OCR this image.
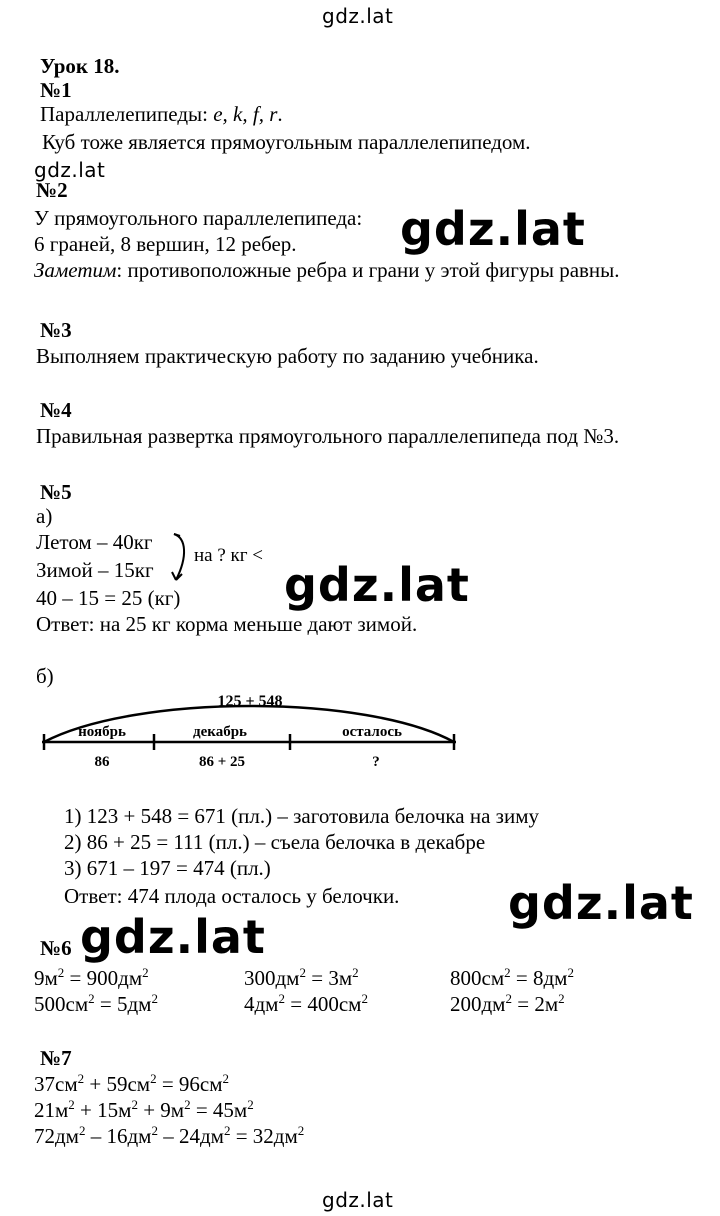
gdz.lat
gdz.lat
gdz.lat
gdz.lat
gdz.lat
gdz.lat
gdz.lat
Урок 18.
№1
Параллелепипеды: e, k, f, r.
Куб тоже является прямоугольным параллелепипедом.
№2
У прямоугольного параллелепипеда:
6 граней, 8 вершин, 12 ребер.
Заметим: противоположные ребра и грани у этой фигуры равны.
№3
Выполняем практическую работу по заданию учебника.
№4
Правильная развертка прямоугольного параллелепипеда под №3.
№5
а)
Летом – 40кг
Зимой – 15кг
на ? кг <
40 – 15 = 25 (кг)
Ответ: на 25 кг корма меньше дают зимой.
б)
125 + 548
ноябрь	декабрь	осталось
86	86 + 25	?
1) 123 + 548 = 671 (пл.) – заготовила белочка на зиму
2) 86 + 25 = 111 (пл.) – съела белочка в декабре
3) 671 – 197 = 474 (пл.)
Ответ: 474 плода осталось у белочки.
№6
$9м^2 = 900дм^2$	$300дм^2 = 3м^2$	$800см^2 = 8дм^2$
$500см^2 = 5дм^2$	$4дм^2 = 400см^2$	$200дм^2 = 2м^2$
№7
$37см^2 + 59см^2 = 96см^2$
$21м^2 + 15м^2 + 9м^2 = 45м^2$
$72дм^2 - 16дм^2 - 24дм^2 = 32дм^2$
